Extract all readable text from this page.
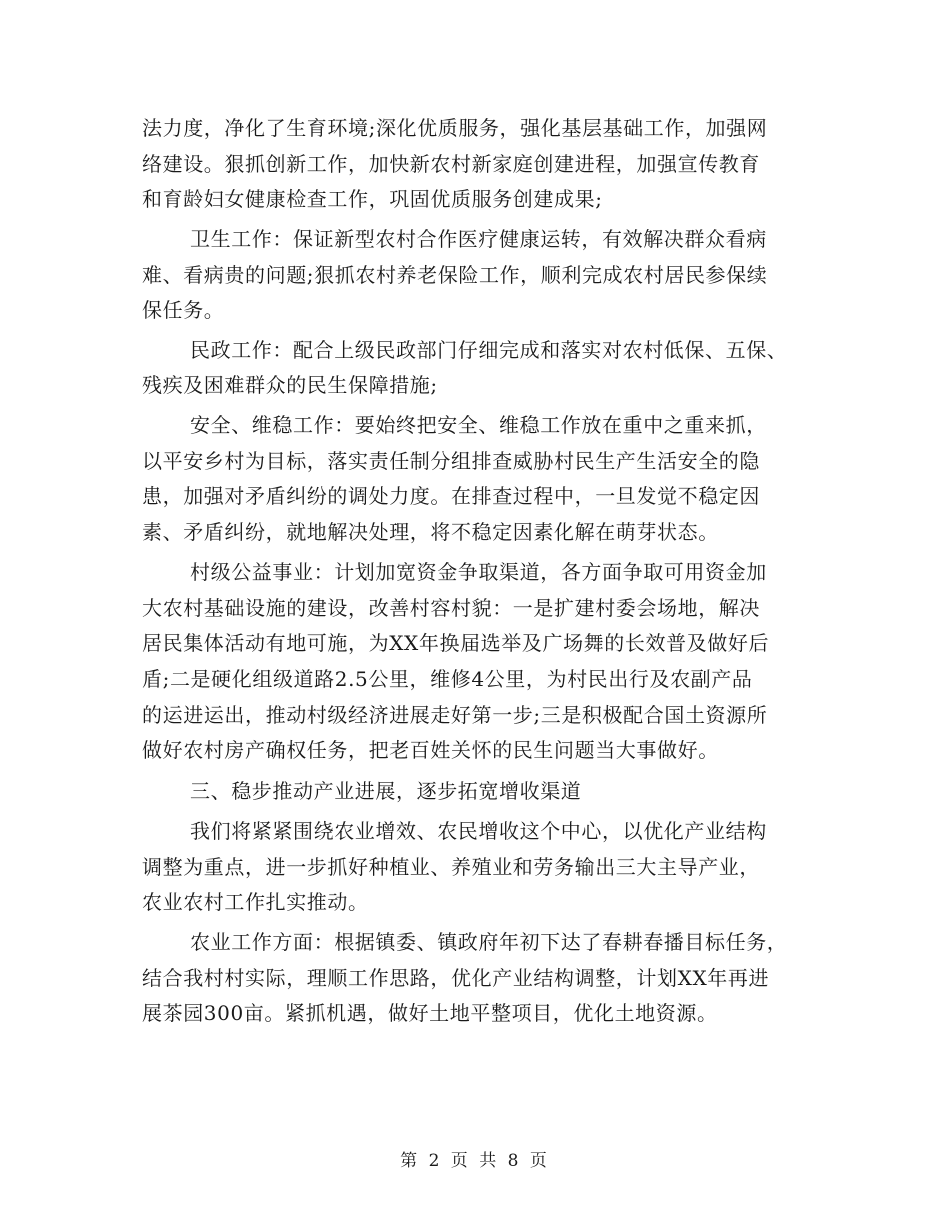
法力度，净化了生育环境;深化优质服务，强化基层基础工作，加强网
络建设。狠抓创新工作，加快新农村新家庭创建进程，加强宣传教育
和育龄妇女健康检查工作，巩固优质服务创建成果;
卫生工作：保证新型农村合作医疗健康运转，有效解决群众看病
难、看病贵的问题;狠抓农村养老保险工作，顺利完成农村居民参保续
保任务。
民政工作：配合上级民政部门仔细完成和落实对农村低保、五保、
残疾及困难群众的民生保障措施;
安全、维稳工作：要始终把安全、维稳工作放在重中之重来抓，
以平安乡村为目标，落实责任制分组排查威胁村民生产生活安全的隐
患，加强对矛盾纠纷的调处力度。在排查过程中，一旦发觉不稳定因
素、矛盾纠纷，就地解决处理，将不稳定因素化解在萌芽状态。
村级公益事业：计划加宽资金争取渠道，各方面争取可用资金加
大农村基础设施的建设，改善村容村貌：一是扩建村委会场地，解决
居民集体活动有地可施，为XX年换届选举及广场舞的长效普及做好后
盾;二是硬化组级道路2.5公里，维修4公里，为村民出行及农副产品
的运进运出，推动村级经济进展走好第一步;三是积极配合国土资源所
做好农村房产确权任务，把老百姓关怀的民生问题当大事做好。
三、稳步推动产业进展，逐步拓宽增收渠道
我们将紧紧围绕农业增效、农民增收这个中心，以优化产业结构
调整为重点，进一步抓好种植业、养殖业和劳务输出三大主导产业，
农业农村工作扎实推动。
农业工作方面：根据镇委、镇政府年初下达了春耕春播目标任务，
结合我村村实际，理顺工作思路，优化产业结构调整，计划XX年再进
展茶园300亩。紧抓机遇，做好土地平整项目，优化土地资源。
第 2 页 共 8 页
